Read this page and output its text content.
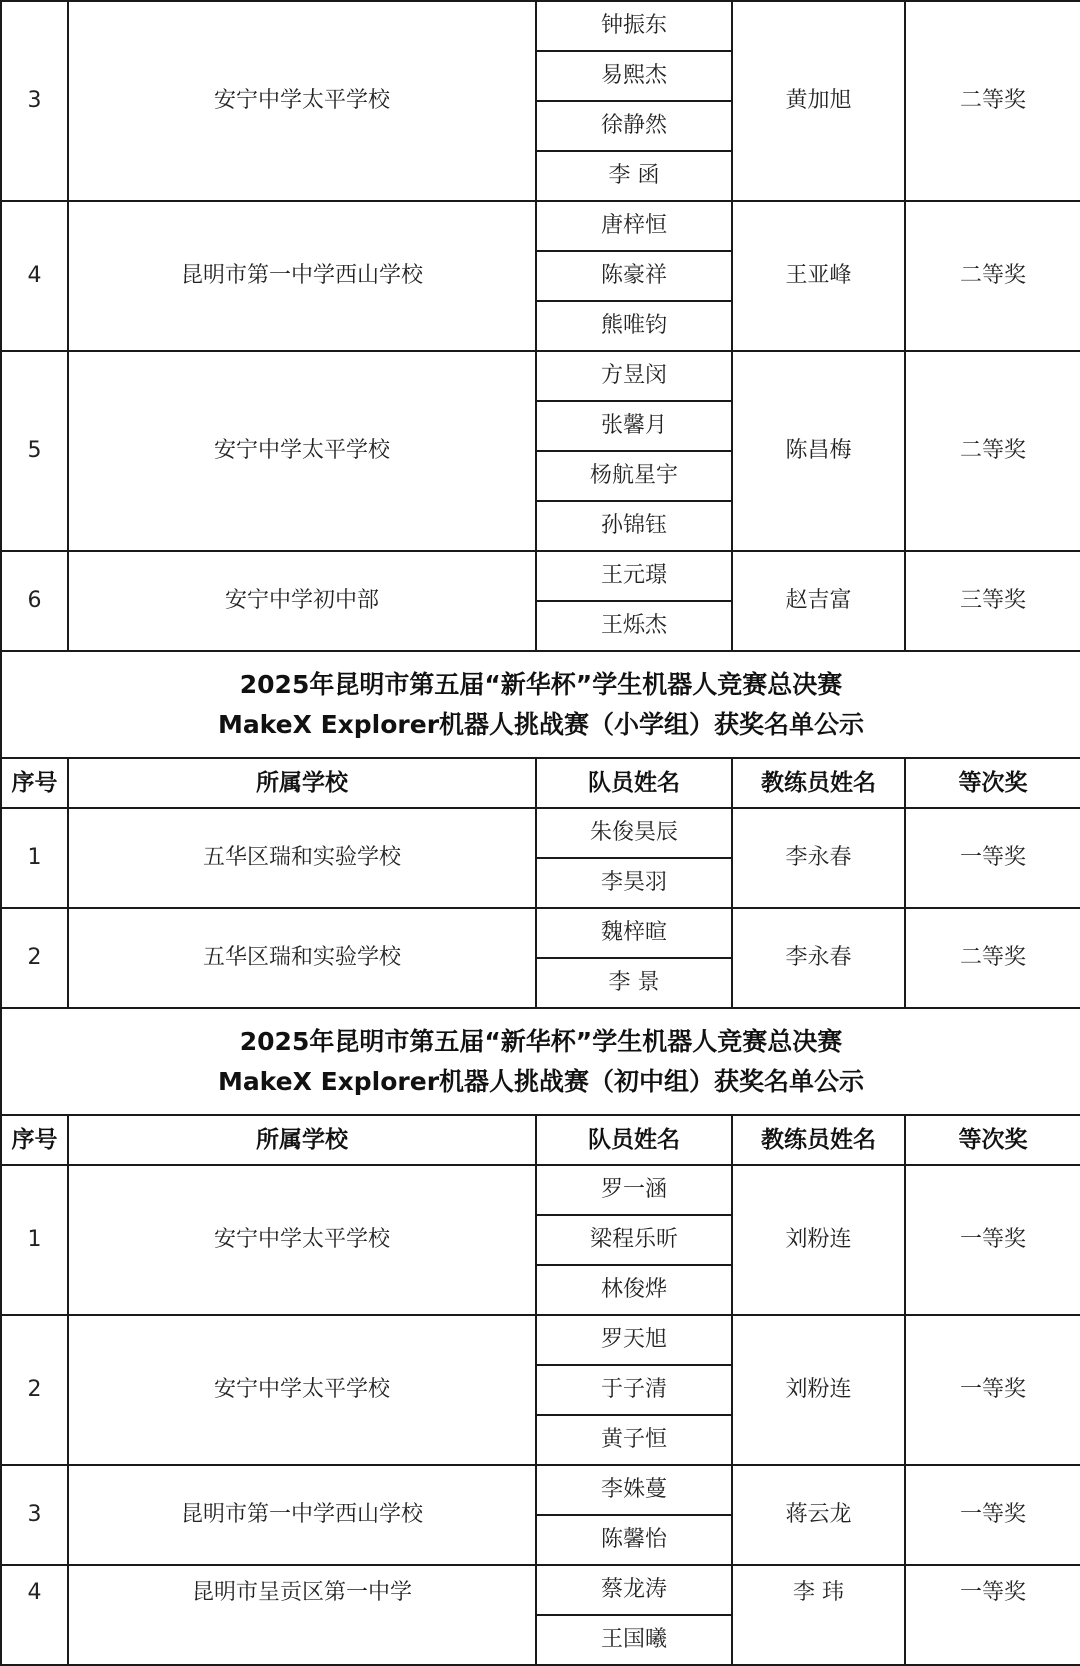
3	安宁中学太平学校	钟振东	黄加旭	二等奖
		易熙杰		
		徐静然		
		李 函		
4	昆明市第一中学西山学校	唐梓恒	王亚峰	二等奖
		陈豪祥		
		熊唯钧		
5	安宁中学太平学校	方昱闵	陈昌梅	二等奖
		张馨月		
		杨航星宇		
		孙锦钰		
6	安宁中学初中部	王元璟	赵吉富	三等奖
		王烁杰		

2025年昆明市第五届“新华杯”学生机器人竞赛总决赛
MakeX Explorer机器人挑战赛（小学组）获奖名单公示				

序号	所属学校	队员姓名	教练员姓名	等次奖
1	五华区瑞和实验学校	朱俊昊辰	李永春	一等奖
		李昊羽		
2	五华区瑞和实验学校	魏梓暄	李永春	二等奖
		李 景		

2025年昆明市第五届“新华杯”学生机器人竞赛总决赛
MakeX Explorer机器人挑战赛（初中组）获奖名单公示				

序号	所属学校	队员姓名	教练员姓名	等次奖
1	安宁中学太平学校	罗一涵	刘粉连	一等奖
		梁程乐昕		
		林俊烨		
2	安宁中学太平学校	罗天旭	刘粉连	一等奖
		于子清		
		黄子恒		
3	昆明市第一中学西山学校	李姝蔓	蒋云龙	一等奖
		陈馨怡		
4	昆明市呈贡区第一中学	蔡龙涛	李 玮	一等奖
		王国曦		
